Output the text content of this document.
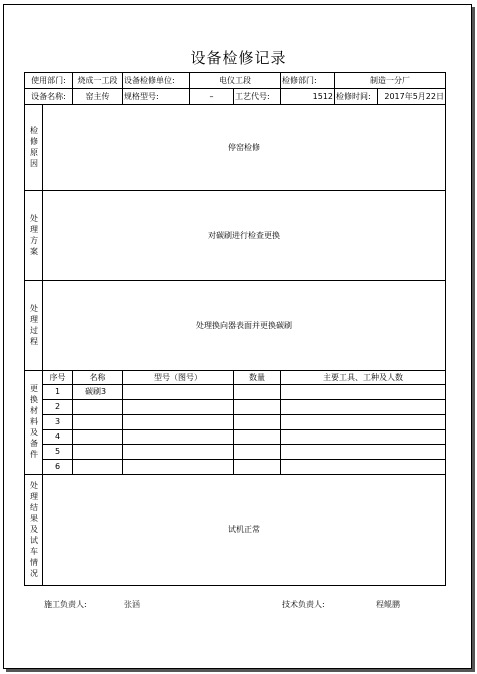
设备检修记录
使用部门:	烧成一工段 设备检修单位:	电仪工段	检修部门:	制造一分厂
设备名称:	窑主传	规格型号:	–	工艺代号:	1512 检修时间:	2017年5月22日
检修原因	停窑检修
处理方案	对碳刷进行检查更换
处理过程	处理换向器表面并更换碳刷
更换材料及备件
序号	名称	型号（图号）	数量	主要工具、工种及人数
1	碳刷3
2
3
4
5
6
处理结果及试车情况	试机正常
施工负责人:	张涵	技术负责人:	程鲲鹏
